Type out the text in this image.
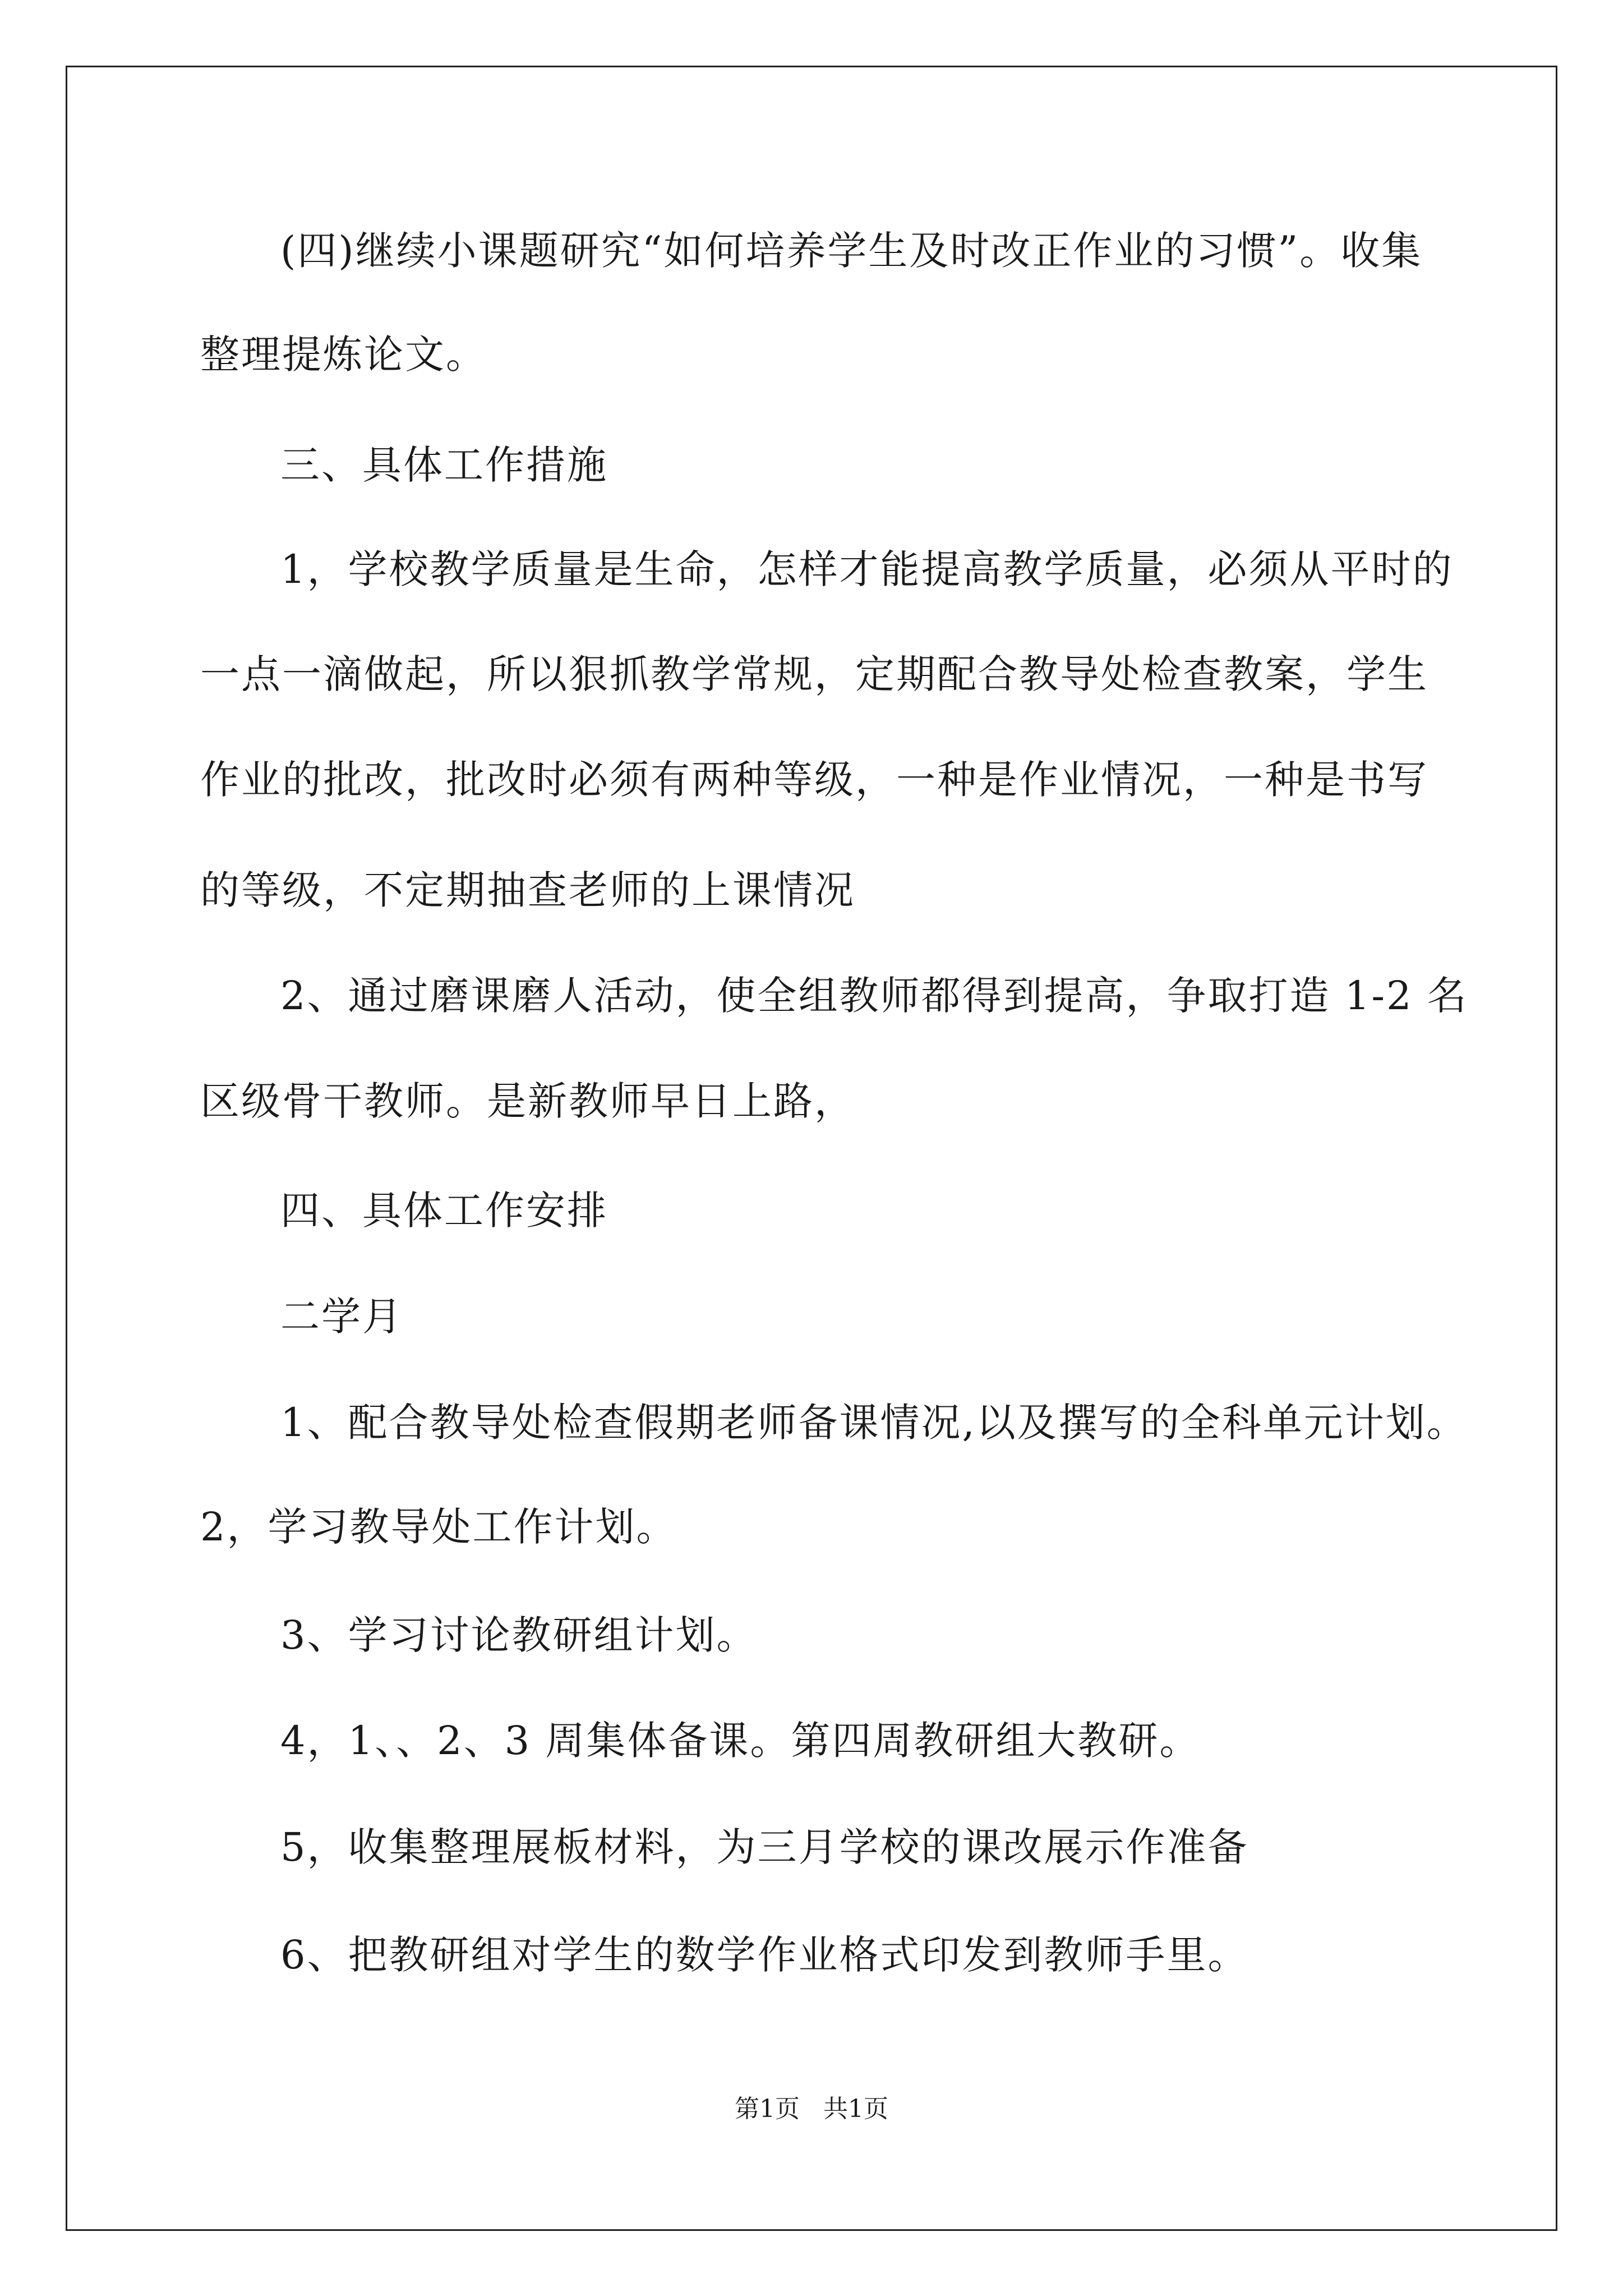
(四)继续小课题研究“如何培养学生及时改正作业的习惯”。收集
整理提炼论文。
三、具体工作措施
1，学校教学质量是生命，怎样才能提高教学质量，必须从平时的
一点一滴做起，所以狠抓教学常规，定期配合教导处检查教案，学生
作业的批改，批改时必须有两种等级，一种是作业情况，一种是书写
的等级，不定期抽查老师的上课情况
2、通过磨课磨人活动，使全组教师都得到提高，争取打造 1-2 名
区级骨干教师。是新教师早日上路，
四、具体工作安排
二学月
1、配合教导处检查假期老师备课情况,以及撰写的全科单元计划。
2，学习教导处工作计划。
3、学习讨论教研组计划。
4，1、、2、3 周集体备课。第四周教研组大教研。
5，收集整理展板材料，为三月学校的课改展示作准备
6、把教研组对学生的数学作业格式印发到教师手里。
第1页   共1页
